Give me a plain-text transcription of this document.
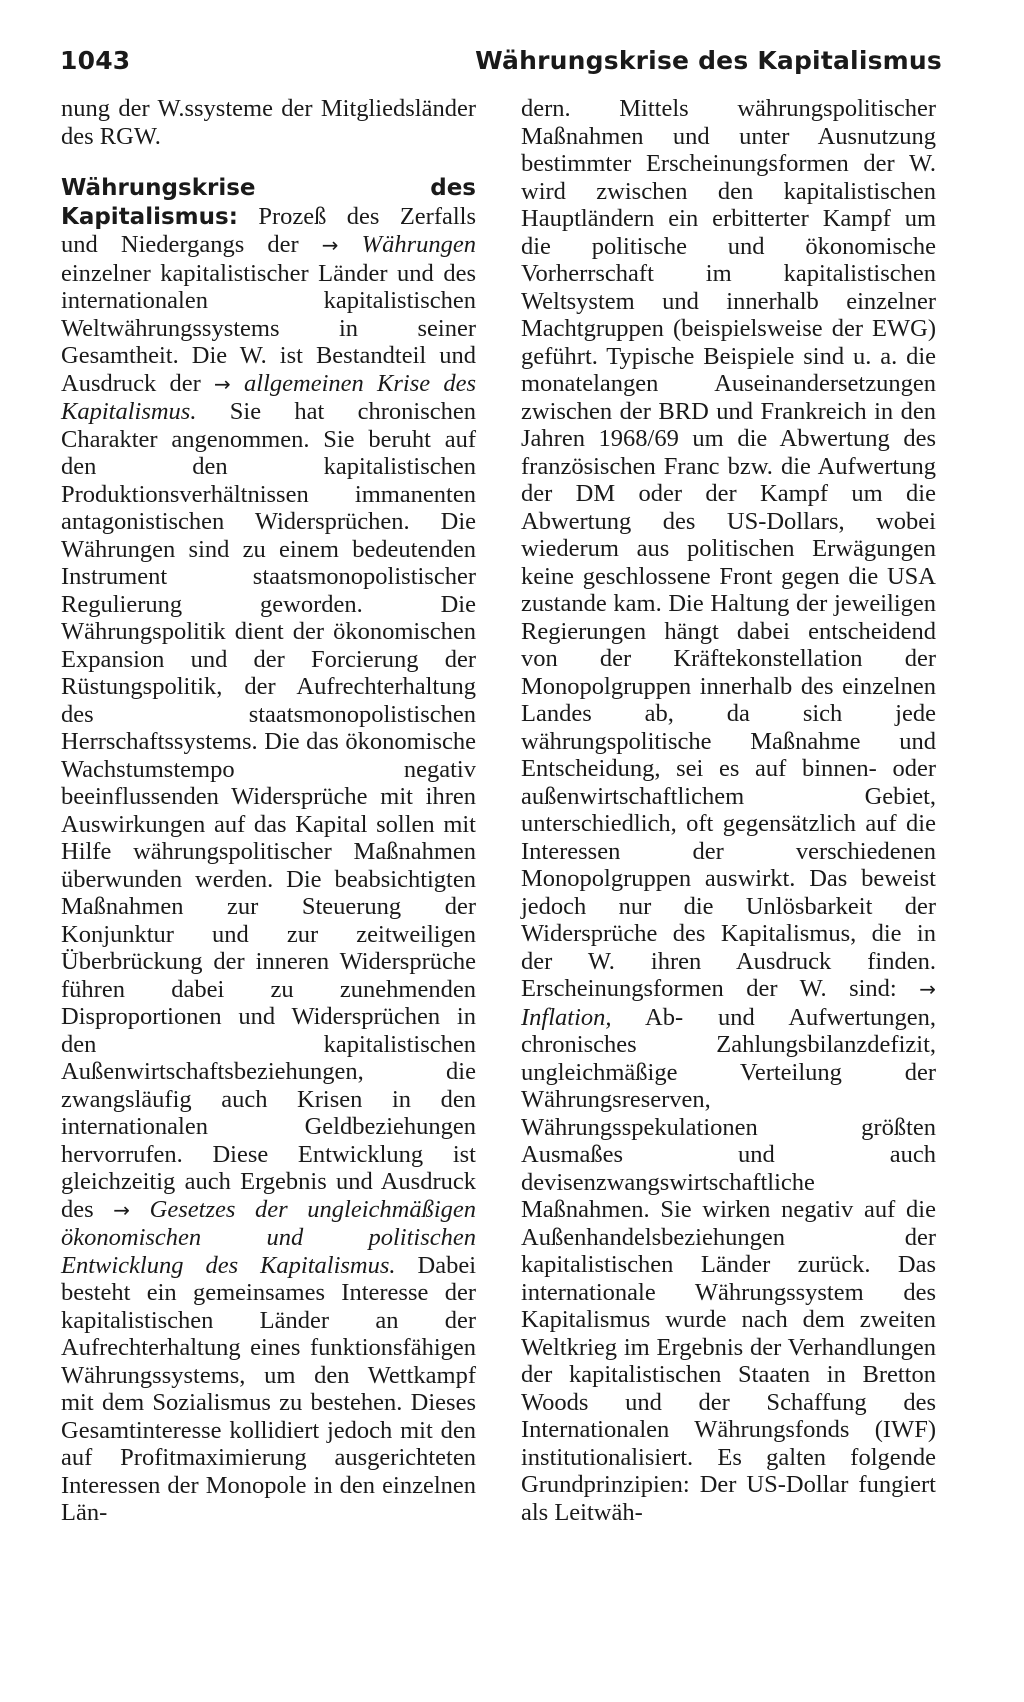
1043	Währungskrise des Kapitalismus

nung der W.ssysteme der Mitgliedsländer des RGW.

Währungskrise des Kapitalismus: Prozeß des Zerfalls und Niedergangs der → Währungen einzelner kapitalistischer Länder und des internationalen kapitalistischen Weltwährungssystems in seiner Gesamtheit. Die W. ist Bestandteil und Ausdruck der → allgemeinen Krise des Kapitalismus. Sie hat chronischen Charakter angenommen. Sie beruht auf den den kapitalistischen Produktionsverhältnissen immanenten antagonistischen Widersprüchen. Die Währungen sind zu einem bedeutenden Instrument staatsmonopolistischer Regulierung geworden. Die Währungspolitik dient der ökonomischen Expansion und der Forcierung der Rüstungspolitik, der Aufrechterhaltung des staatsmonopolistischen Herrschaftssystems. Die das ökonomische Wachstumstempo negativ beeinflussenden Widersprüche mit ihren Auswirkungen auf das Kapital sollen mit Hilfe währungspolitischer Maßnahmen überwunden werden. Die beabsichtigten Maßnahmen zur Steuerung der Konjunktur und zur zeitweiligen Überbrückung der inneren Widersprüche führen dabei zu zunehmenden Disproportionen und Widersprüchen in den kapitalistischen Außenwirtschaftsbeziehungen, die zwangsläufig auch Krisen in den internationalen Geldbeziehungen hervorrufen. Diese Entwicklung ist gleichzeitig auch Ergebnis und Ausdruck des → Gesetzes der ungleichmäßigen ökonomischen und politischen Entwicklung des Kapitalismus. Dabei besteht ein gemeinsames Interesse der kapitalistischen Länder an der Aufrechterhaltung eines funktionsfähigen Währungssystems, um den Wettkampf mit dem Sozialismus zu bestehen. Dieses Gesamtinteresse kollidiert jedoch mit den auf Profitmaximierung ausgerichteten Interessen der Monopole in den einzelnen Län-

dern. Mittels währungspolitischer Maßnahmen und unter Ausnutzung bestimmter Erscheinungsformen der W. wird zwischen den kapitalistischen Hauptländern ein erbitterter Kampf um die politische und ökonomische Vorherrschaft im kapitalistischen Weltsystem und innerhalb einzelner Machtgruppen (beispielsweise der EWG) geführt. Typische Beispiele sind u. a. die monatelangen Auseinandersetzungen zwischen der BRD und Frankreich in den Jahren 1968/69 um die Abwertung des französischen Franc bzw. die Aufwertung der DM oder der Kampf um die Abwertung des US-Dollars, wobei wiederum aus politischen Erwägungen keine geschlossene Front gegen die USA zustande kam. Die Haltung der jeweiligen Regierungen hängt dabei entscheidend von der Kräftekonstellation der Monopolgruppen innerhalb des einzelnen Landes ab, da sich jede währungspolitische Maßnahme und Entscheidung, sei es auf binnen- oder außenwirtschaftlichem Gebiet, unterschiedlich, oft gegensätzlich auf die Interessen der verschiedenen Monopolgruppen auswirkt. Das beweist jedoch nur die Unlösbarkeit der Widersprüche des Kapitalismus, die in der W. ihren Ausdruck finden. Erscheinungsformen der W. sind: → Inflation, Ab- und Aufwertungen, chronisches Zahlungsbilanzdefizit, ungleichmäßige Verteilung der Währungsreserven, Währungsspekulationen größten Ausmaßes und auch devisenzwangswirtschaftliche Maßnahmen. Sie wirken negativ auf die Außenhandelsbeziehungen der kapitalistischen Länder zurück. Das internationale Währungssystem des Kapitalismus wurde nach dem zweiten Weltkrieg im Ergebnis der Verhandlungen der kapitalistischen Staaten in Bretton Woods und der Schaffung des Internationalen Währungsfonds (IWF) institutionalisiert. Es galten folgende Grundprinzipien: Der US-Dollar fungiert als Leitwäh-
